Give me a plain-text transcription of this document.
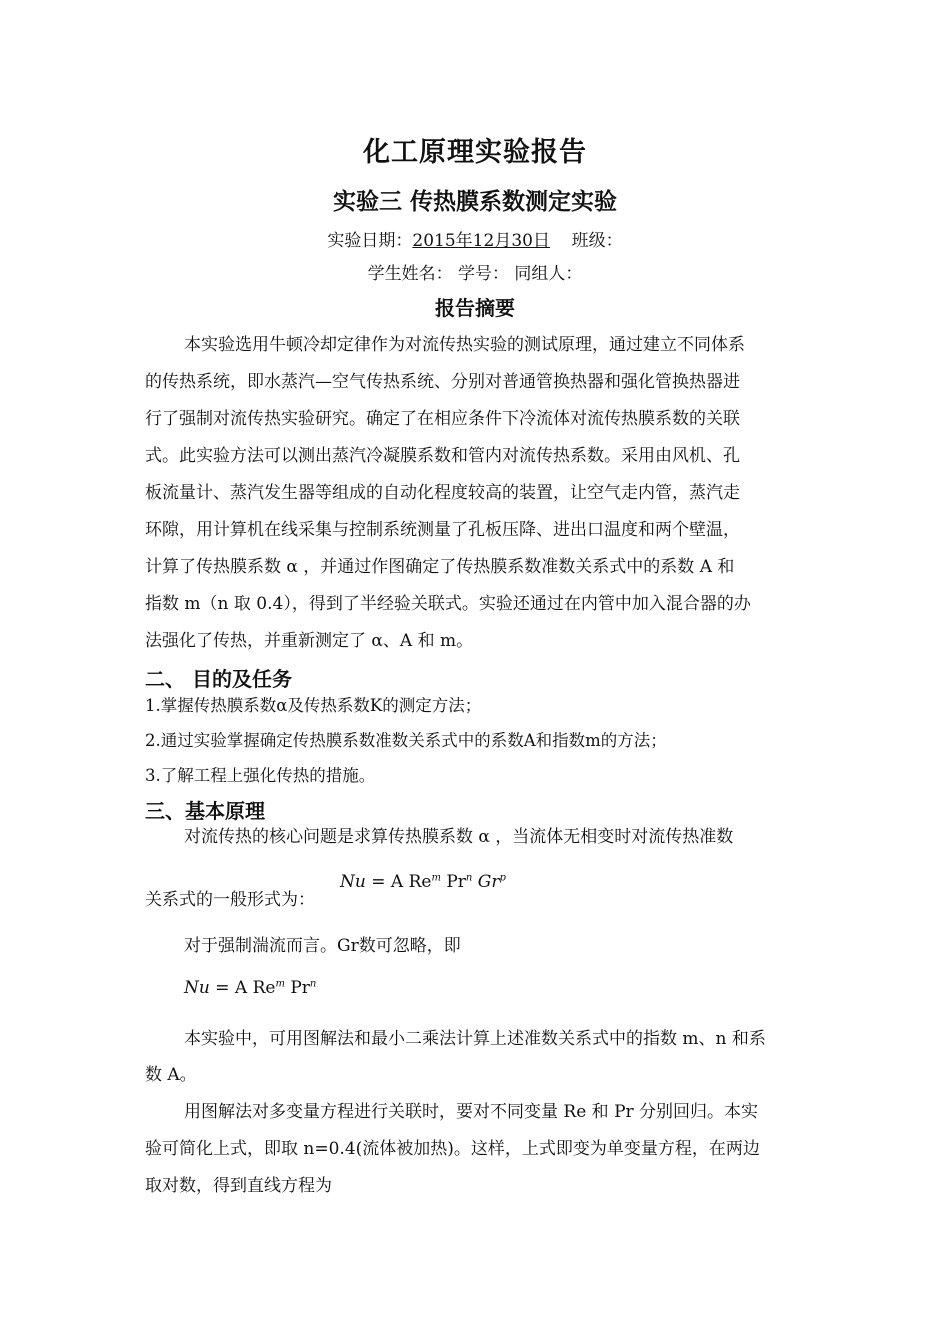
化工原理实验报告
实验三 传热膜系数测定实验
实验日期：2015年12月30日 班级：
学生姓名： 学号： 同组人：
报告摘要
本实验选用牛顿冷却定律作为对流传热实验的测试原理，通过建立不同体系
的传热系统，即水蒸汽—空气传热系统、分别对普通管换热器和强化管换热器进
行了强制对流传热实验研究。确定了在相应条件下冷流体对流传热膜系数的关联
式。此实验方法可以测出蒸汽冷凝膜系数和管内对流传热系数。采用由风机、孔
板流量计、蒸汽发生器等组成的自动化程度较高的装置，让空气走内管，蒸汽走
环隙，用计算机在线采集与控制系统测量了孔板压降、进出口温度和两个壁温，
计算了传热膜系数 α ，并通过作图确定了传热膜系数准数关系式中的系数 A 和
指数 m（n 取 0.4），得到了半经验关联式。实验还通过在内管中加入混合器的办
法强化了传热，并重新测定了 α、A 和 m。
二、 目的及任务
1.掌握传热膜系数α及传热系数K的测定方法；
2.通过实验掌握确定传热膜系数准数关系式中的系数A和指数m的方法；
3.了解工程上强化传热的措施。
三、基本原理
对流传热的核心问题是求算传热膜系数 α ，当流体无相变时对流传热准数
关系式的一般形式为：
Nu = A Re$^m$ Pr$^n$ Gr$^p$
对于强制湍流而言。Gr数可忽略，即
Nu = A Re$^m$ Pr$^n$
本实验中，可用图解法和最小二乘法计算上述准数关系式中的指数 m、n 和系
数 A。
用图解法对多变量方程进行关联时，要对不同变量 Re 和 Pr 分别回归。本实
验可简化上式，即取 n=0.4(流体被加热)。这样，上式即变为单变量方程，在两边
取对数，得到直线方程为
